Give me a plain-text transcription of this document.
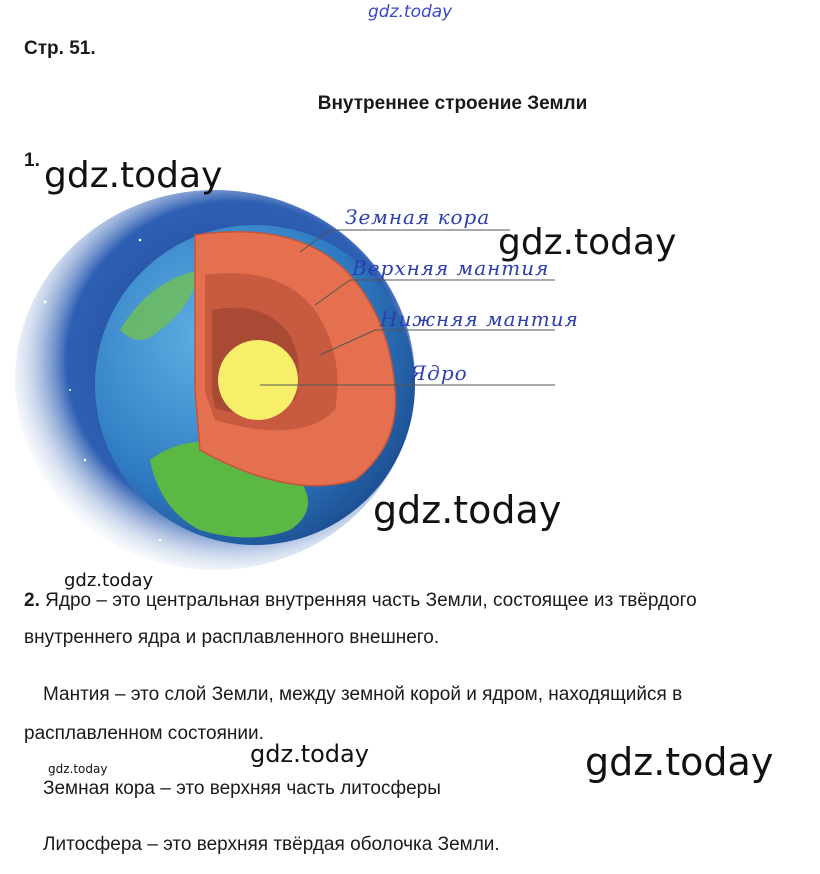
gdz.today
Стр. 51.
Внутреннее строение Земли
1.
Земная кора
Верхняя мантия
Нижняя мантия
Ядро
gdz.today
gdz.today
gdz.today
gdz.today
2. Ядро – это центральная внутренняя часть Земли, состоящее из твёрдого
внутреннего ядра и расплавленного внешнего.
Мантия – это слой Земли, между земной корой и ядром, находящийся в
расплавленном состоянии.
gdz.today
gdz.today	gdz.today
Земная кора – это верхняя часть литосферы
Литосфера – это верхняя твёрдая оболочка Земли.
